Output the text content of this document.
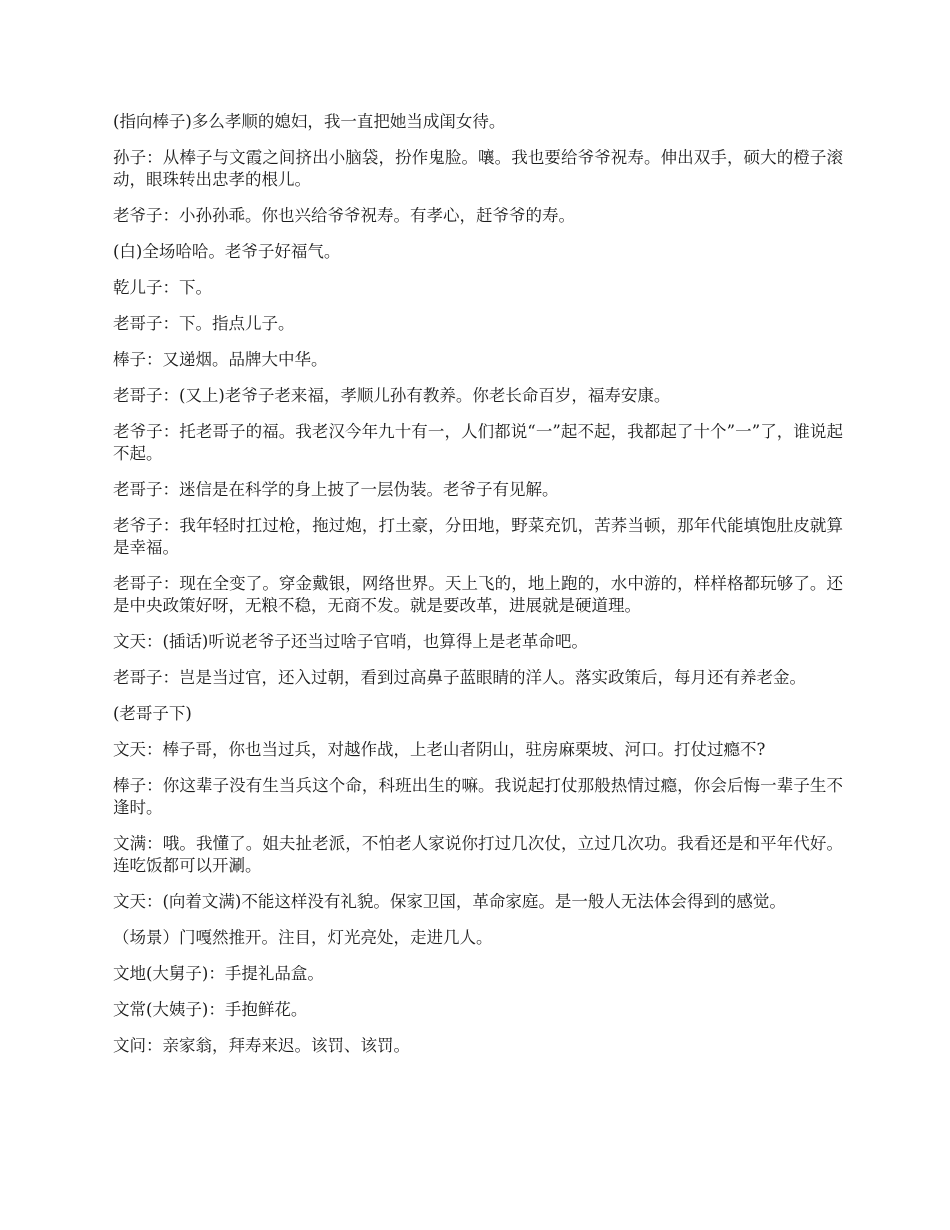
(指向棒子)多么孝顺的媳妇，我一直把她当成闺女待。

孙子：从棒子与文霞之间挤出小脑袋，扮作鬼脸。嚷。我也要给爷爷祝寿。伸出双手，硕大的橙子滚动，眼珠转出忠孝的根儿。

老爷子：小孙孙乖。你也兴给爷爷祝寿。有孝心，赶爷爷的寿。

(白)全场哈哈。老爷子好福气。

乾儿子：下。

老哥子：下。指点儿子。

棒子：又递烟。品牌大中华。

老哥子：(又上)老爷子老来福，孝顺儿孙有教养。你老长命百岁，福寿安康。

老爷子：托老哥子的福。我老汉今年九十有一，人们都说“一”起不起，我都起了十个”一”了，谁说起不起。

老哥子：迷信是在科学的身上披了一层伪装。老爷子有见解。

老爷子：我年轻时扛过枪，拖过炮，打土豪，分田地，野菜充饥，苦荞当顿，那年代能填饱肚皮就算是幸福。

老哥子：现在全变了。穿金戴银，网络世界。天上飞的，地上跑的，水中游的，样样格都玩够了。还是中央政策好呀，无粮不稳，无商不发。就是要改革，进展就是硬道理。

文天：(插话)听说老爷子还当过啥子官哨，也算得上是老革命吧。

老哥子：岂是当过官，还入过朝，看到过高鼻子蓝眼睛的洋人。落实政策后，每月还有养老金。

(老哥子下)

文天：棒子哥，你也当过兵，对越作战，上老山者阴山，驻房麻栗坡、河口。打仗过瘾不?

棒子：你这辈子没有生当兵这个命，科班出生的嘛。我说起打仗那般热情过瘾，你会后悔一辈子生不逢时。

文满：哦。我懂了。姐夫扯老派，不怕老人家说你打过几次仗，立过几次功。我看还是和平年代好。连吃饭都可以开涮。

文天：(向着文满)不能这样没有礼貌。保家卫国，革命家庭。是一般人无法体会得到的感觉。

（场景）门嘎然推开。注目，灯光亮处，走进几人。

文地(大舅子)：手提礼品盒。

文常(大姨子)：手抱鲜花。

文问：亲家翁，拜寿来迟。该罚、该罚。
